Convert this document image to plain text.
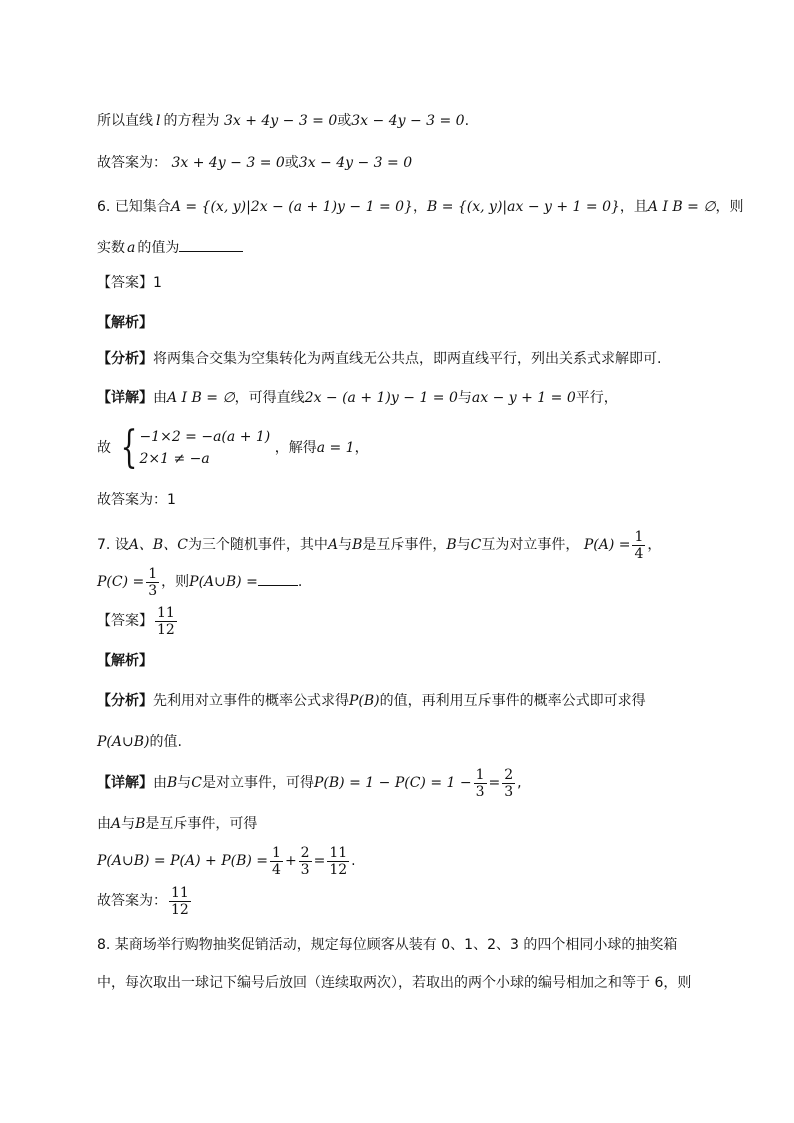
所以直线 l 的方程为 3x + 4y − 3 = 0或3x − 4y − 3 = 0.
故答案为： 3x + 4y − 3 = 0或3x − 4y − 3 = 0
6. 已知集合A = {(x, y)|2x − (a + 1)y − 1 = 0}，B = {(x, y)|ax − y + 1 = 0}，且A I B = ∅，则
实数 a 的值为
【答案】1
【解析】
【分析】将两集合交集为空集转化为两直线无公共点，即两直线平行，列出关系式求解即可.
【详解】由A I B = ∅，可得直线2x − (a + 1)y − 1 = 0与ax − y + 1 = 0平行，
故 { −1×2 = −a(a + 1)
2×1 ≠ −a
，解得a = 1，
故答案为：1
7. 设A、B、C为三个随机事件，其中A与B是互斥事件，B与C互为对立事件， $P(A) = \frac{1}{4}$ ，
$P(C) = \frac{1}{3}$ ，则P(A∪B) =	.
【答案】 $\frac{11}{12}$
【解析】
【分析】先利用对立事件的概率公式求得P(B)的值，再利用互斥事件的概率公式即可求得
P(A∪B)的值.
【详解】由B与C是对立事件，可得$P(B) = 1 - P(C) = 1 - \frac{1}{3} = \frac{2}{3}$ ,
由A与B是互斥事件，可得
P(A∪B) = $P(A) + P(B) = \frac{1}{4} + \frac{2}{3} = \frac{11}{12}$ .
故答案为： $\frac{11}{12}$
8. 某商场举行购物抽奖促销活动，规定每位顾客从装有 0、1、2、3 的四个相同小球的抽奖箱
中，每次取出一球记下编号后放回（连续取两次），若取出的两个小球的编号相加之和等于 6，则
